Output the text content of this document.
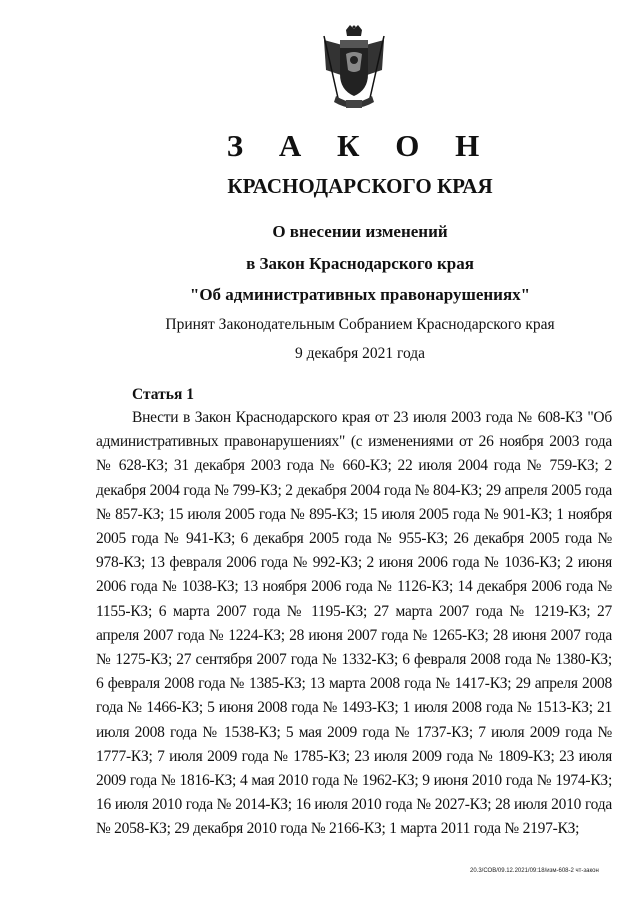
З А К О Н
КРАСНОДАРСКОГО КРАЯ
О внесении изменений
в Закон Краснодарского края
"Об административных правонарушениях"
Принят Законодательным Собранием Краснодарского края
9 декабря 2021 года
Статья 1

Внести в Закон Краснодарского края от 23 июля 2003 года № 608-КЗ "Об административных правонарушениях" (с изменениями от 26 ноября 2003 года № 628-КЗ; 31 декабря 2003 года № 660-КЗ; 22 июля 2004 года № 759-КЗ; 2 декабря 2004 года № 799-КЗ; 2 декабря 2004 года № 804-КЗ; 29 апреля 2005 года № 857-КЗ; 15 июля 2005 года № 895-КЗ; 15 июля 2005 года № 901-КЗ; 1 ноября 2005 года № 941-КЗ; 6 декабря 2005 года № 955-КЗ; 26 декабря 2005 года № 978-КЗ; 13 февраля 2006 года № 992-КЗ; 2 июня 2006 года № 1036-КЗ; 2 июня 2006 года № 1038-КЗ; 13 ноября 2006 года № 1126-КЗ; 14 декабря 2006 года № 1155-КЗ; 6 марта 2007 года № 1195-КЗ; 27 марта 2007 года № 1219-КЗ; 27 апреля 2007 года № 1224-КЗ; 28 июня 2007 года № 1265-КЗ; 28 июня 2007 года № 1275-КЗ; 27 сентября 2007 года № 1332-КЗ; 6 февраля 2008 года № 1380-КЗ; 6 февраля 2008 года № 1385-КЗ; 13 марта 2008 года № 1417-КЗ; 29 апреля 2008 года № 1466-КЗ; 5 июня 2008 года № 1493-КЗ; 1 июля 2008 года № 1513-КЗ; 21 июля 2008 года № 1538-КЗ; 5 мая 2009 года № 1737-КЗ; 7 июля 2009 года № 1777-КЗ; 7 июля 2009 года № 1785-КЗ; 23 июля 2009 года № 1809-КЗ; 23 июля 2009 года № 1816-КЗ; 4 мая 2010 года № 1962-КЗ; 9 июня 2010 года № 1974-КЗ; 16 июля 2010 года № 2014-КЗ; 16 июля 2010 года № 2027-КЗ; 28 июля 2010 года № 2058-КЗ; 29 декабря 2010 года № 2166-КЗ; 1 марта 2011 года № 2197-КЗ;

20.3/СОВ/09.12.2021/09:18/изм-608-2 чт-закон
